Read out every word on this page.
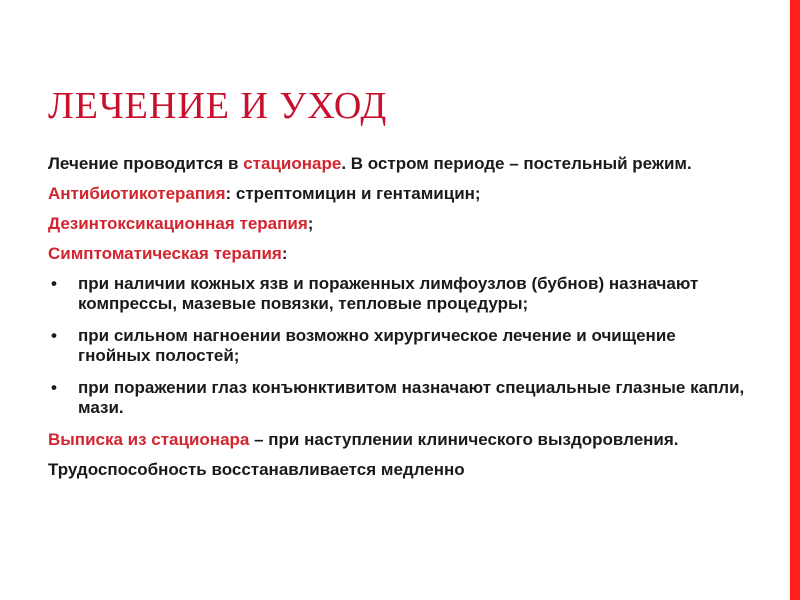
ЛЕЧЕНИЕ И УХОД

Лечение проводится в стационаре. В остром периоде – постельный режим.

Антибиотикотерапия: стрептомицин и гентамицин;

Дезинтоксикационная терапия;

Симптоматическая терапия:

• при наличии кожных язв и пораженных лимфоузлов (бубнов) назначают компрессы, мазевые повязки, тепловые процедуры;
• при сильном нагноении возможно хирургическое лечение и очищение гнойных полостей;
• при поражении глаз конъюнктивитом назначают специальные глазные капли, мази.

Выписка из стационара – при наступлении клинического выздоровления.

Трудоспособность восстанавливается медленно
